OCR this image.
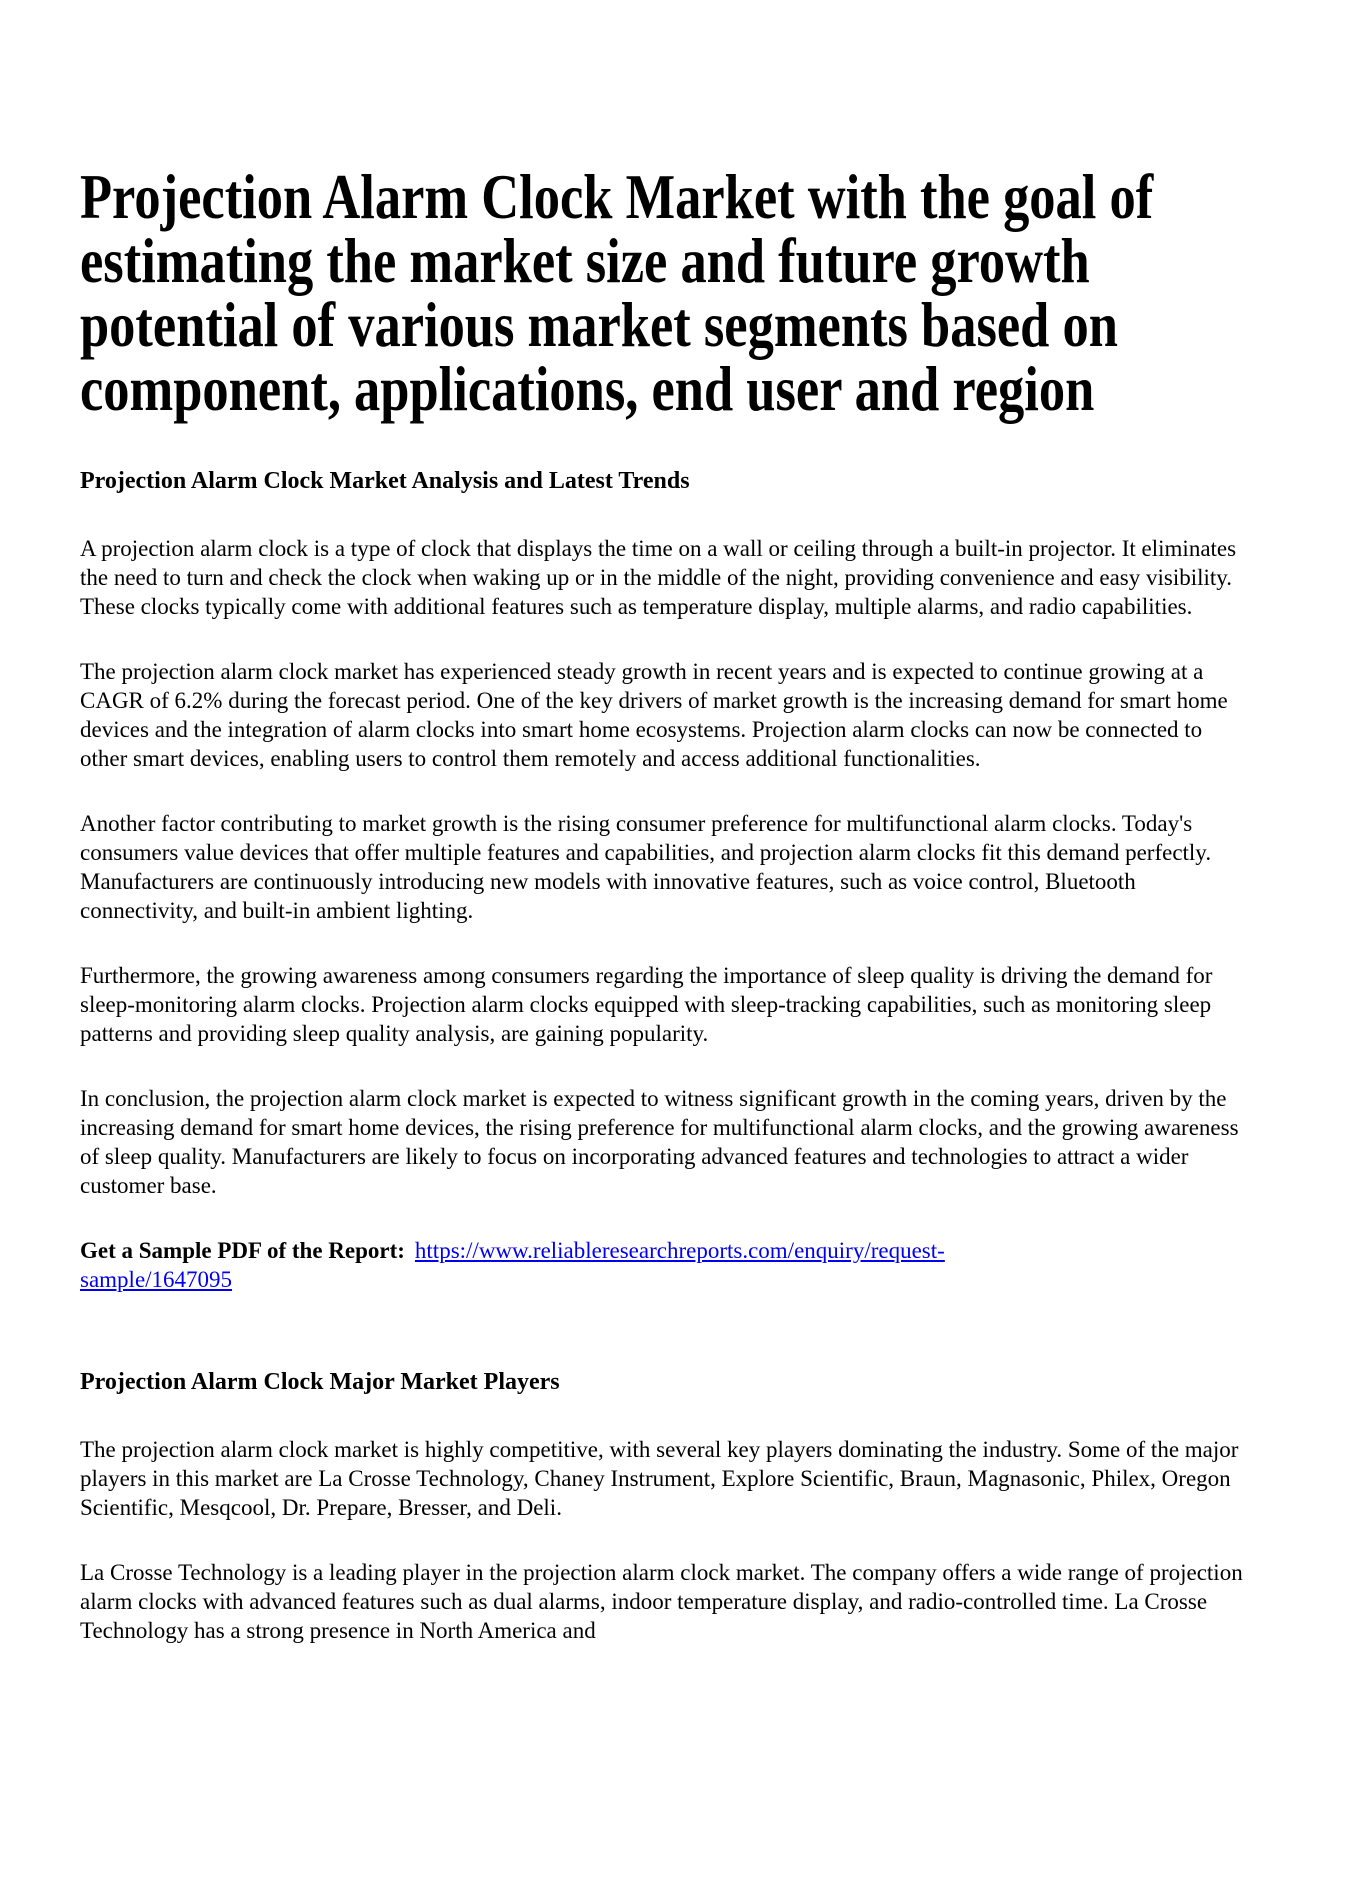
Projection Alarm Clock Market with the goal of
estimating the market size and future growth
potential of various market segments based on
component, applications, end user and region
Projection Alarm Clock Market Analysis and Latest Trends

A projection alarm clock is a type of clock that displays the time on a wall or ceiling through a built-in projector. It eliminates the need to turn and check the clock when waking up or in the middle of the night, providing convenience and easy visibility. These clocks typically come with additional features such as temperature display, multiple alarms, and radio capabilities.

The projection alarm clock market has experienced steady growth in recent years and is expected to continue growing at a CAGR of 6.2% during the forecast period. One of the key drivers of market growth is the increasing demand for smart home devices and the integration of alarm clocks into smart home ecosystems. Projection alarm clocks can now be connected to other smart devices, enabling users to control them remotely and access additional functionalities.

Another factor contributing to market growth is the rising consumer preference for multifunctional alarm clocks. Today's consumers value devices that offer multiple features and capabilities, and projection alarm clocks fit this demand perfectly. Manufacturers are continuously introducing new models with innovative features, such as voice control, Bluetooth connectivity, and built-in ambient lighting.

Furthermore, the growing awareness among consumers regarding the importance of sleep quality is driving the demand for sleep-monitoring alarm clocks. Projection alarm clocks equipped with sleep-tracking capabilities, such as monitoring sleep patterns and providing sleep quality analysis, are gaining popularity.

In conclusion, the projection alarm clock market is expected to witness significant growth in the coming years, driven by the increasing demand for smart home devices, the rising preference for multifunctional alarm clocks, and the growing awareness of sleep quality. Manufacturers are likely to focus on incorporating advanced features and technologies to attract a wider customer base.

Get a Sample PDF of the Report: https://www.reliableresearchreports.com/enquiry/request-
sample/1647095

Projection Alarm Clock Major Market Players

The projection alarm clock market is highly competitive, with several key players dominating the industry. Some of the major players in this market are La Crosse Technology, Chaney Instrument, Explore Scientific, Braun, Magnasonic, Philex, Oregon Scientific, Mesqcool, Dr. Prepare, Bresser, and Deli.

La Crosse Technology is a leading player in the projection alarm clock market. The company offers a wide range of projection alarm clocks with advanced features such as dual alarms, indoor temperature display, and radio-controlled time. La Crosse Technology has a strong presence in North America and
